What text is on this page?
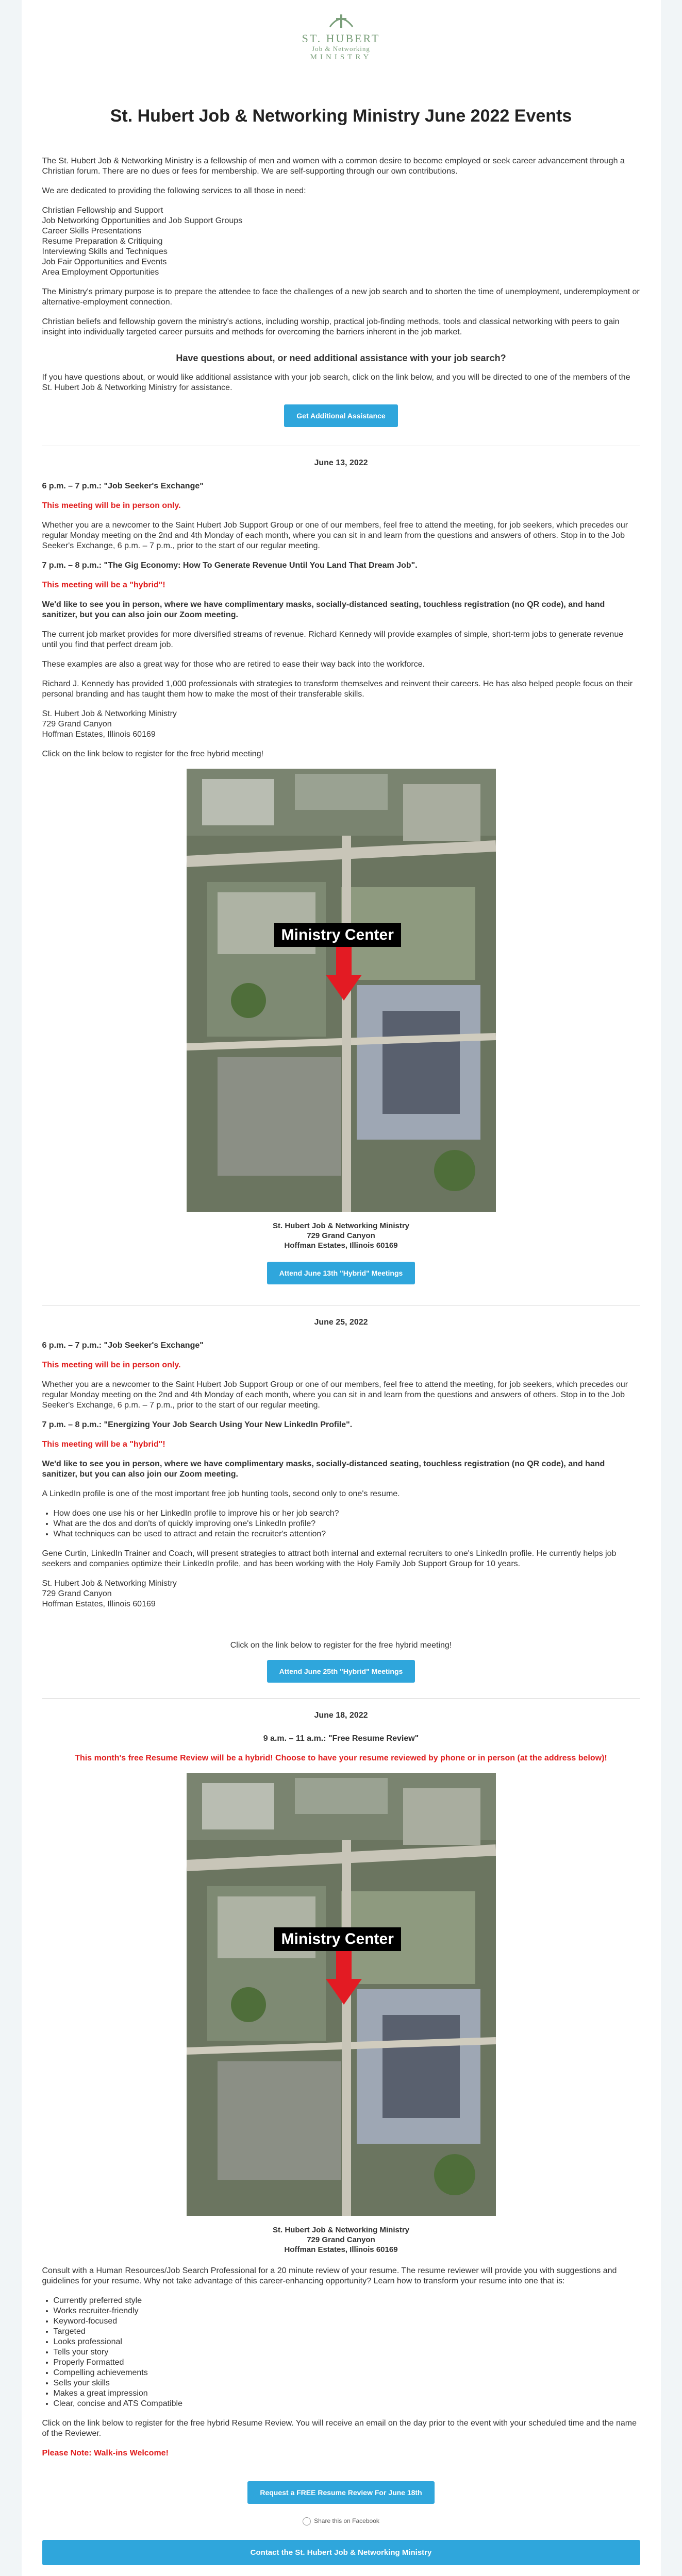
ST. HUBERT
Job & Networking
MINISTRY
St. Hubert Job & Networking Ministry June 2022 Events

The St. Hubert Job & Networking Ministry is a fellowship of men and women with a common desire to become employed or seek career advancement through a Christian forum. There are no dues or fees for membership. We are self-supporting through our own contributions.

We are dedicated to providing the following services to all those in need:

Christian Fellowship and Support
Job Networking Opportunities and Job Support Groups
Career Skills Presentations
Resume Preparation & Critiquing
Interviewing Skills and Techniques
Job Fair Opportunities and Events
Area Employment Opportunities

The Ministry's primary purpose is to prepare the attendee to face the challenges of a new job search and to shorten the time of unemployment, underemployment or alternative-employment connection.

Christian beliefs and fellowship govern the ministry's actions, including worship, practical job-finding methods, tools and classical networking with peers to gain insight into individually targeted career pursuits and methods for overcoming the barriers inherent in the job market.

Have questions about, or need additional assistance with your job search?

If you have questions about, or would like additional assistance with your job search, click on the link below, and you will be directed to one of the members of the St. Hubert Job & Networking Ministry for assistance.

Get Additional Assistance
June 13, 2022

6 p.m. – 7 p.m.: "Job Seeker's Exchange"

This meeting will be in person only.

Whether you are a newcomer to the Saint Hubert Job Support Group or one of our members, feel free to attend the meeting, for job seekers, which precedes our regular Monday meeting on the 2nd and 4th Monday of each month, where you can sit in and learn from the questions and answers of others. Stop in to the Job Seeker's Exchange, 6 p.m. – 7 p.m., prior to the start of our regular meeting.

7 p.m. – 8 p.m.: "The Gig Economy: How To Generate Revenue Until You Land That Dream Job".

This meeting will be a "hybrid"!

We'd like to see you in person, where we have complimentary masks, socially-distanced seating, touchless registration (no QR code), and hand sanitizer, but you can also join our Zoom meeting.

The current job market provides for more diversified streams of revenue. Richard Kennedy will provide examples of simple, short-term jobs to generate revenue until you find that perfect dream job.

These examples are also a great way for those who are retired to ease their way back into the workforce.

Richard J. Kennedy has provided 1,000 professionals with strategies to transform themselves and reinvent their careers. He has also helped people focus on their personal branding and has taught them how to make the most of their transferable skills.

St. Hubert Job & Networking Ministry
729 Grand Canyon
Hoffman Estates, Illinois 60169

Click on the link below to register for the free hybrid meeting!

Ministry Center
St. Hubert Job & Networking Ministry
729 Grand Canyon
Hoffman Estates, Illinois 60169
Attend June 13th "Hybrid" Meetings
June 25, 2022

6 p.m. – 7 p.m.: "Job Seeker's Exchange"

This meeting will be in person only.

Whether you are a newcomer to the Saint Hubert Job Support Group or one of our members, feel free to attend the meeting, for job seekers, which precedes our regular Monday meeting on the 2nd and 4th Monday of each month, where you can sit in and learn from the questions and answers of others. Stop in to the Job Seeker's Exchange, 6 p.m. – 7 p.m., prior to the start of our regular meeting.

7 p.m. – 8 p.m.: "Energizing Your Job Search Using Your New LinkedIn Profile".

This meeting will be a "hybrid"!

We'd like to see you in person, where we have complimentary masks, socially-distanced seating, touchless registration (no QR code), and hand sanitizer, but you can also join our Zoom meeting.

A LinkedIn profile is one of the most important free job hunting tools, second only to one's resume.

• How does one use his or her LinkedIn profile to improve his or her job search?
• What are the dos and don'ts of quickly improving one's LinkedIn profile?
• What techniques can be used to attract and retain the recruiter's attention?

Gene Curtin, LinkedIn Trainer and Coach, will present strategies to attract both internal and external recruiters to one's LinkedIn profile. He currently helps job seekers and companies optimize their LinkedIn profile, and has been working with the Holy Family Job Support Group for 10 years.

St. Hubert Job & Networking Ministry
729 Grand Canyon
Hoffman Estates, Illinois 60169

Click on the link below to register for the free hybrid meeting!

Attend June 25th "Hybrid" Meetings
June 18, 2022

9 a.m. – 11 a.m.: "Free Resume Review"

This month's free Resume Review will be a hybrid! Choose to have your resume reviewed by phone or in person (at the address below)!

Ministry Center
St. Hubert Job & Networking Ministry
729 Grand Canyon
Hoffman Estates, Illinois 60169

Consult with a Human Resources/Job Search Professional for a 20 minute review of your resume. The resume reviewer will provide you with suggestions and guidelines for your resume. Why not take advantage of this career-enhancing opportunity? Learn how to transform your resume into one that is:

• Currently preferred style
• Works recruiter-friendly
• Keyword-focused
• Targeted
• Looks professional
• Tells your story
• Properly Formatted
• Compelling achievements
• Sells your skills
• Makes a great impression
• Clear, concise and ATS Compatible

Click on the link below to register for the free hybrid Resume Review. You will receive an email on the day prior to the event with your scheduled time and the name of the Reviewer.

Please Note: Walk-ins Welcome!

Request a FREE Resume Review For June 18th
Share this on Facebook
Contact the St. Hubert Job & Networking Ministry
